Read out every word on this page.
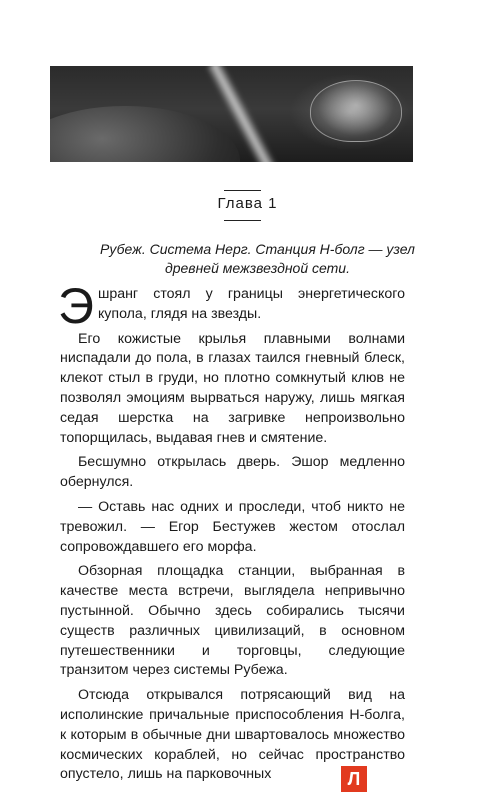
Глава 1
Рубеж. Система Нерг. Станция Н-болг — узел
древней межзвездной сети.

Эшранг стоял у границы энергетического купола, глядя на звезды.

Его кожистые крылья плавными волнами ниспадали до пола, в глазах таился гневный блеск, клекот стыл в груди, но плотно сомкнутый клюв не позволял эмоциям вырваться наружу, лишь мягкая седая шерстка на загривке непроизвольно топорщилась, выдавая гнев и смятение.

Бесшумно открылась дверь. Эшор медленно обернулся.

— Оставь нас одних и проследи, чтоб никто не тревожил. — Егор Бестужев жестом отослал сопровождавшего его морфа.

Обзорная площадка станции, выбранная в качестве места встречи, выглядела непривычно пустынной. Обычно здесь собирались тысячи существ различных цивилизаций, в основном путешественники и торговцы, следующие транзитом через системы Рубежа.

Отсюда открывался потрясающий вид на исполинские причальные приспособления Н-болга, к которым в обычные дни швартовалось множество космических кораблей, но сейчас пространство опустело, лишь на парковочных	Л
